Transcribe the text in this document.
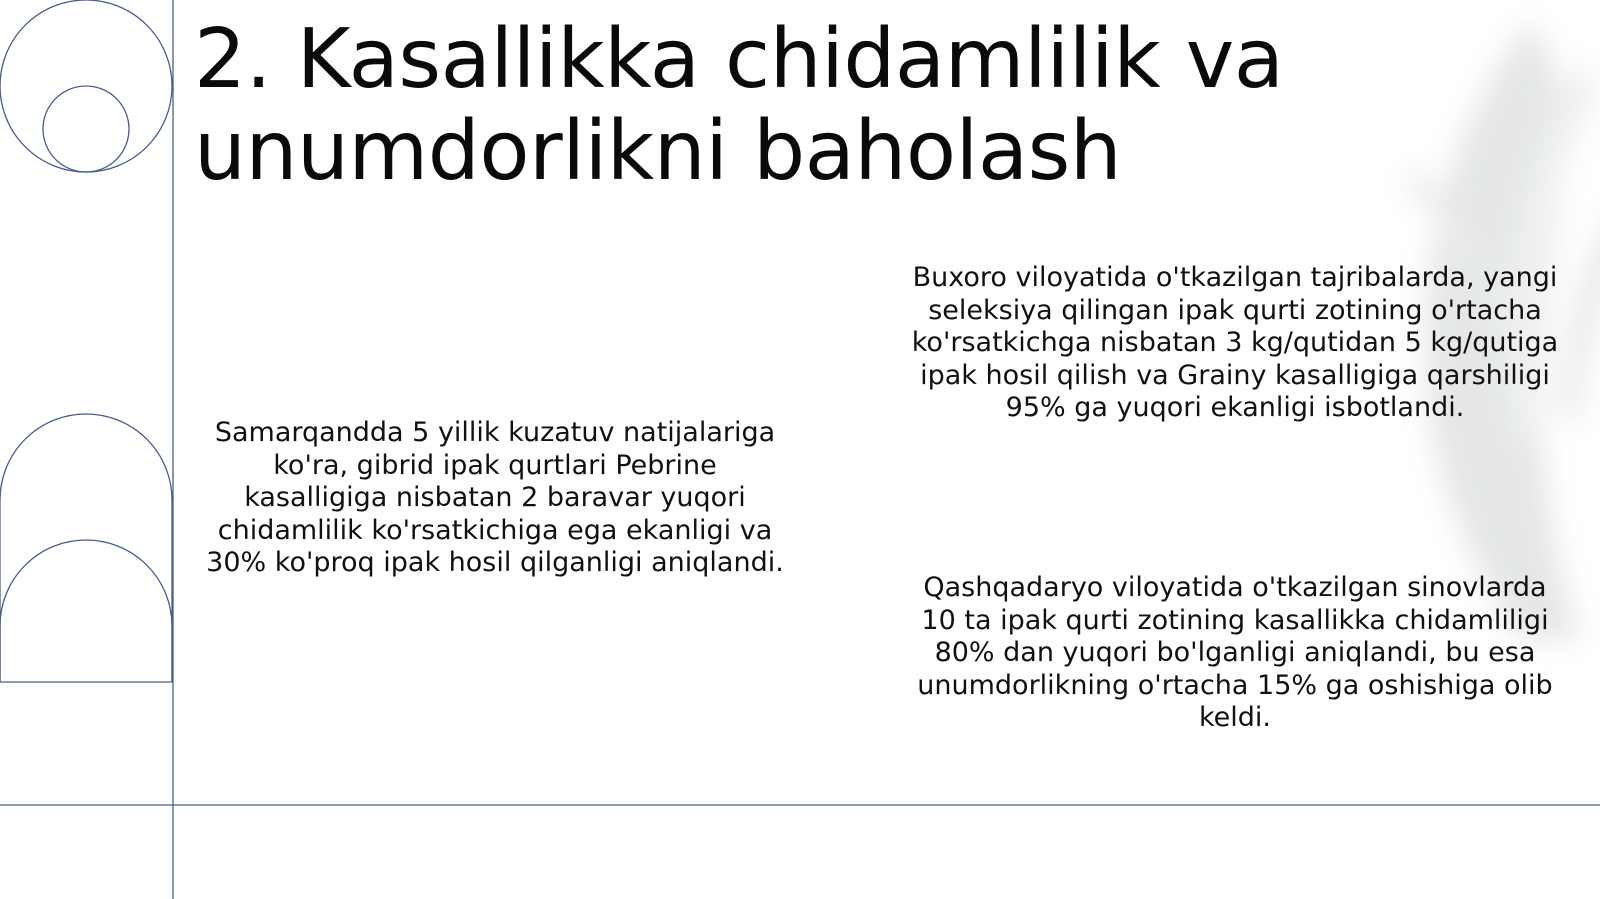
2. Kasallikka chidamlilik va
unumdorlikni baholash

Samarqandda 5 yillik kuzatuv natijalariga
ko'ra, gibrid ipak qurtlari Pebrine
kasalligiga nisbatan 2 baravar yuqori
chidamlilik ko'rsatkichiga ega ekanligi va
30% ko'proq ipak hosil qilganligi aniqlandi.

Buxoro viloyatida o'tkazilgan tajribalarda, yangi
seleksiya qilingan ipak qurti zotining o'rtacha
ko'rsatkichga nisbatan 3 kg/qutidan 5 kg/qutiga
ipak hosil qilish va Grainy kasalligiga qarshiligi
95% ga yuqori ekanligi isbotlandi.

Qashqadaryo viloyatida o'tkazilgan sinovlarda
10 ta ipak qurti zotining kasallikka chidamliligi
80% dan yuqori bo'lganligi aniqlandi, bu esa
unumdorlikning o'rtacha 15% ga oshishiga olib
keldi.
